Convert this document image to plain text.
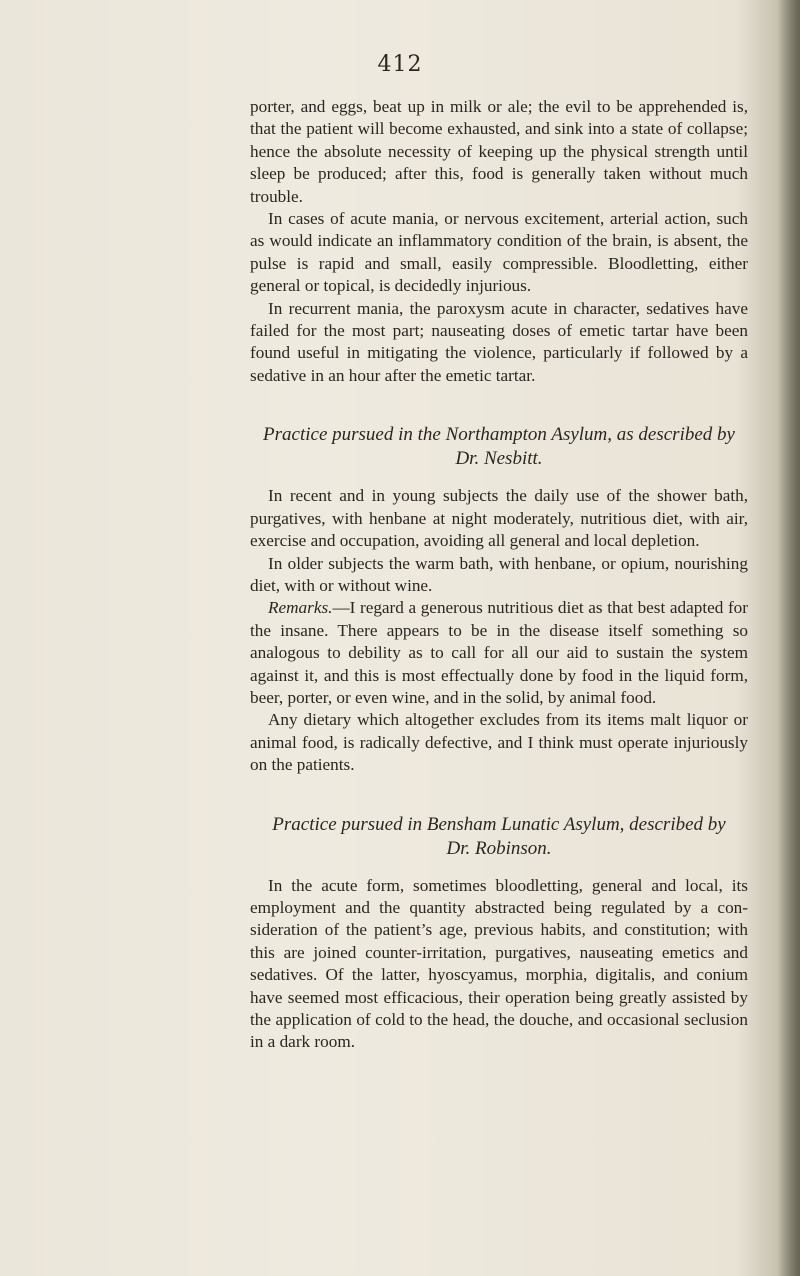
412

porter, and eggs, beat up in milk or ale; the evil to be apprehended is, that the patient will become exhausted, and sink into a state of collapse; hence the absolute necessity of keeping up the physical strength until sleep be produced; after this, food is generally taken without much trouble.

In cases of acute mania, or nervous excitement, arterial action, such as would indicate an inflammatory condition of the brain, is absent, the pulse is rapid and small, easily compressible. Bloodletting, either general or topical, is decidedly injurious.

In recurrent mania, the paroxysm acute in character, sedatives have failed for the most part; nauseating doses of emetic tartar have been found useful in mitigating the violence, particularly if followed by a sedative in an hour after the emetic tartar.

Practice pursued in the Northampton Asylum, as described by
Dr. Nesbitt.

In recent and in young subjects the daily use of the shower bath, purgatives, with henbane at night moderately, nutritious diet, with air, exercise and occupation, avoiding all general and local depletion.

In older subjects the warm bath, with henbane, or opium, nourishing diet, with or without wine.

Remarks.—I regard a generous nutritious diet as that best adapted for the insane. There appears to be in the disease itself something so analogous to debility as to call for all our aid to sustain the system against it, and this is most effectually done by food in the liquid form, beer, porter, or even wine, and in the solid, by animal food.

Any dietary which altogether excludes from its items malt liquor or animal food, is radically defective, and I think must operate injuriously on the patients.

Practice pursued in Bensham Lunatic Asylum, described by
Dr. Robinson.

In the acute form, sometimes bloodletting, general and local, its employment and the quantity abstracted being regulated by a consideration of the patient’s age, previous habits, and constitution; with this are joined counter-irritation, purgatives, nauseating emetics and sedatives. Of the latter, hyoscyamus, morphia, digitalis, and conium have seemed most efficacious, their operation being greatly assisted by the application of cold to the head, the douche, and occasional seclusion in a dark room.
